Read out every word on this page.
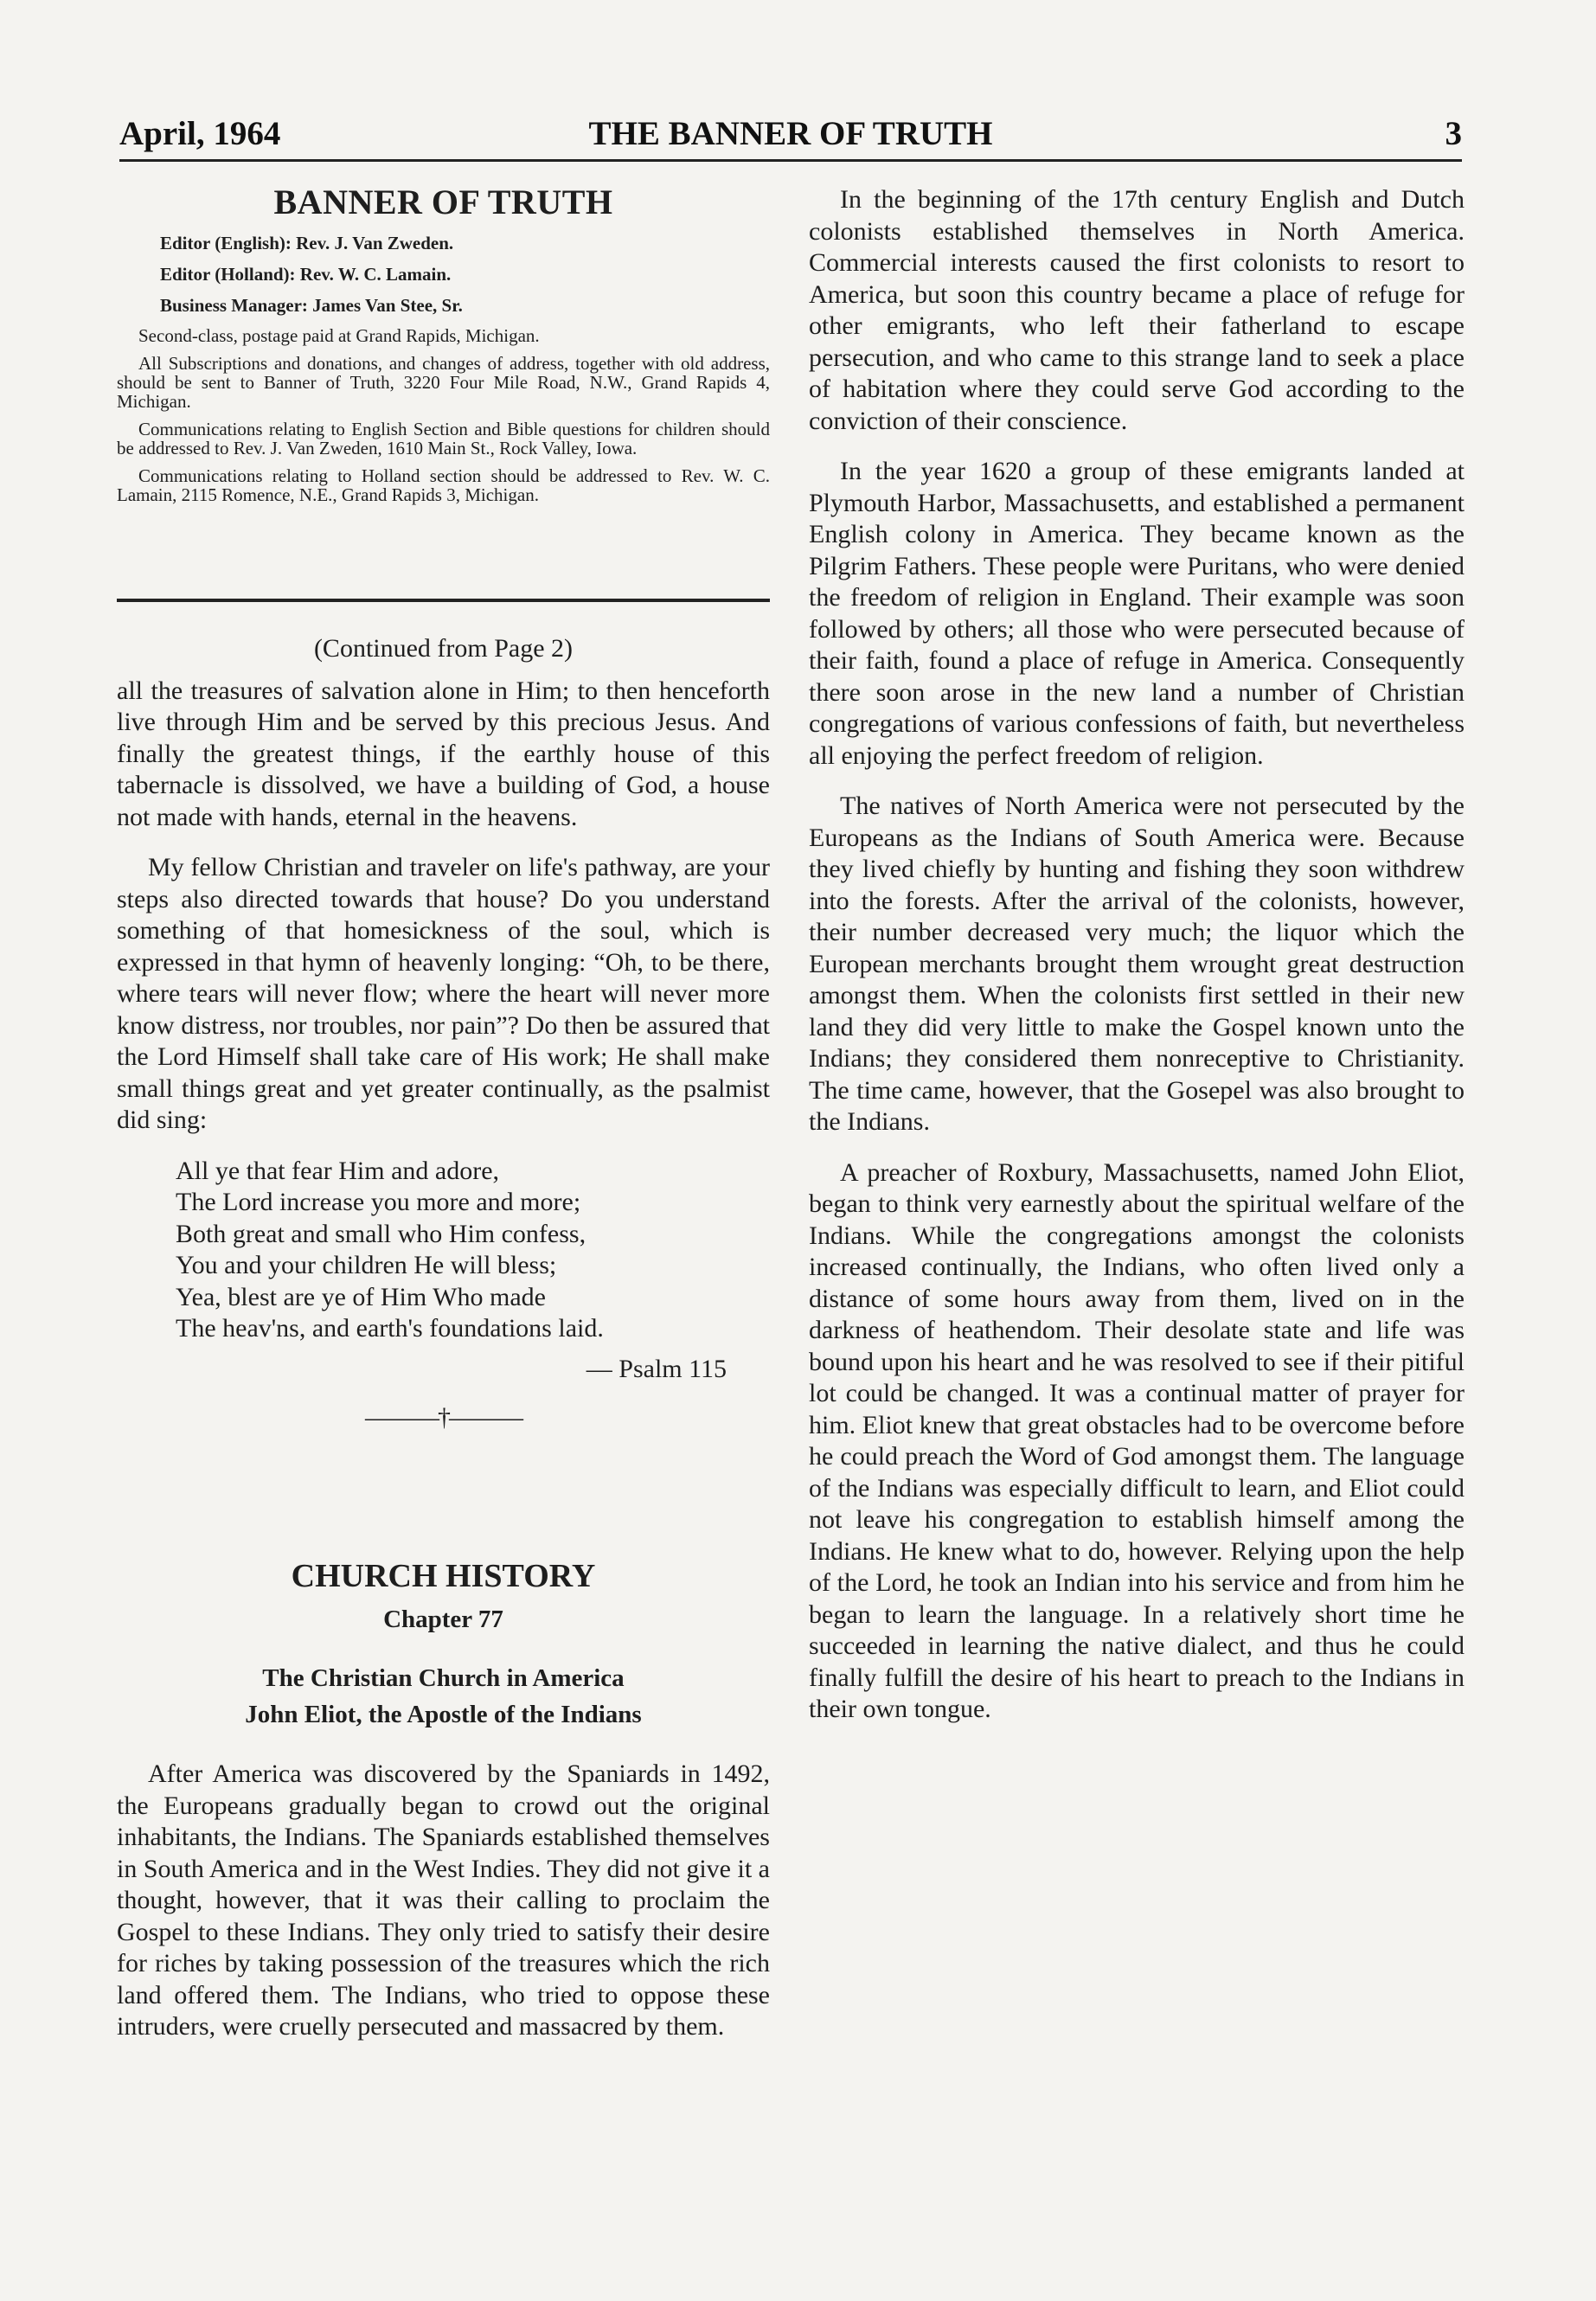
April, 1964	THE BANNER OF TRUTH	3
BANNER OF TRUTH
Editor (English): Rev. J. Van Zweden.
Editor (Holland): Rev. W. C. Lamain.
Business Manager: James Van Stee, Sr.
Second-class, postage paid at Grand Rapids, Michigan.
All Subscriptions and donations, and changes of address, together with old address, should be sent to Banner of Truth, 3220 Four Mile Road, N.W., Grand Rapids 4, Michigan.
Communications relating to English Section and Bible questions for children should be addressed to Rev. J. Van Zweden, 1610 Main St., Rock Valley, Iowa.
Communications relating to Holland section should be addressed to Rev. W. C. Lamain, 2115 Romence, N.E., Grand Rapids 3, Michigan.
(Continued from Page 2)

all the treasures of salvation alone in Him; to then henceforth live through Him and be served by this precious Jesus. And finally the greatest things, if the earthly house of this tabernacle is dissolved, we have a building of God, a house not made with hands, eternal in the heavens.

My fellow Christian and traveler on life's pathway, are your steps also directed towards that house? Do you understand something of that homesickness of the soul, which is expressed in that hymn of heavenly longing: “Oh, to be there, where tears will never flow; where the heart will never more know distress, nor troubles, nor pain”? Do then be assured that the Lord Himself shall take care of His work; He shall make small things great and yet greater continually, as the psalmist did sing:

All ye that fear Him and adore,
The Lord increase you more and more;
Both great and small who Him confess,
You and your children He will bless;
Yea, blest are ye of Him Who made
The heav'ns, and earth's foundations laid.
— Psalm 115
———†———
CHURCH HISTORY
Chapter 77
The Christian Church in America
John Eliot, the Apostle of the Indians

After America was discovered by the Spaniards in 1492, the Europeans gradually began to crowd out the original inhabitants, the Indians. The Spaniards established themselves in South America and in the West Indies. They did not give it a thought, however, that it was their calling to proclaim the Gospel to these Indians. They only tried to satisfy their desire for riches by taking possession of the treasures which the rich land offered them. The Indians, who tried to oppose these intruders, were cruelly persecuted and massacred by them.

In the beginning of the 17th century English and Dutch colonists established themselves in North America. Commercial interests caused the first colonists to resort to America, but soon this country became a place of refuge for other emigrants, who left their fatherland to escape persecution, and who came to this strange land to seek a place of habitation where they could serve God according to the conviction of their conscience.

In the year 1620 a group of these emigrants landed at Plymouth Harbor, Massachusetts, and established a permanent English colony in America. They became known as the Pilgrim Fathers. These people were Puritans, who were denied the freedom of religion in England. Their example was soon followed by others; all those who were persecuted because of their faith, found a place of refuge in America. Consequently there soon arose in the new land a number of Christian congregations of various confessions of faith, but nevertheless all enjoying the perfect freedom of religion.

The natives of North America were not persecuted by the Europeans as the Indians of South America were. Because they lived chiefly by hunting and fishing they soon withdrew into the forests. After the arrival of the colonists, however, their number decreased very much; the liquor which the European merchants brought them wrought great destruction amongst them. When the colonists first settled in their new land they did very little to make the Gospel known unto the Indians; they considered them nonreceptive to Christianity. The time came, however, that the Gosepel was also brought to the Indians.

A preacher of Roxbury, Massachusetts, named John Eliot, began to think very earnestly about the spiritual welfare of the Indians. While the congregations amongst the colonists increased continually, the Indians, who often lived only a distance of some hours away from them, lived on in the darkness of heathendom. Their desolate state and life was bound upon his heart and he was resolved to see if their pitiful lot could be changed. It was a continual matter of prayer for him. Eliot knew that great obstacles had to be overcome before he could preach the Word of God amongst them. The language of the Indians was especially difficult to learn, and Eliot could not leave his congregation to establish himself among the Indians. He knew what to do, however. Relying upon the help of the Lord, he took an Indian into his service and from him he began to learn the language. In a relatively short time he succeeded in learning the native dialect, and thus he could finally fulfill the desire of his heart to preach to the Indians in their own tongue.
